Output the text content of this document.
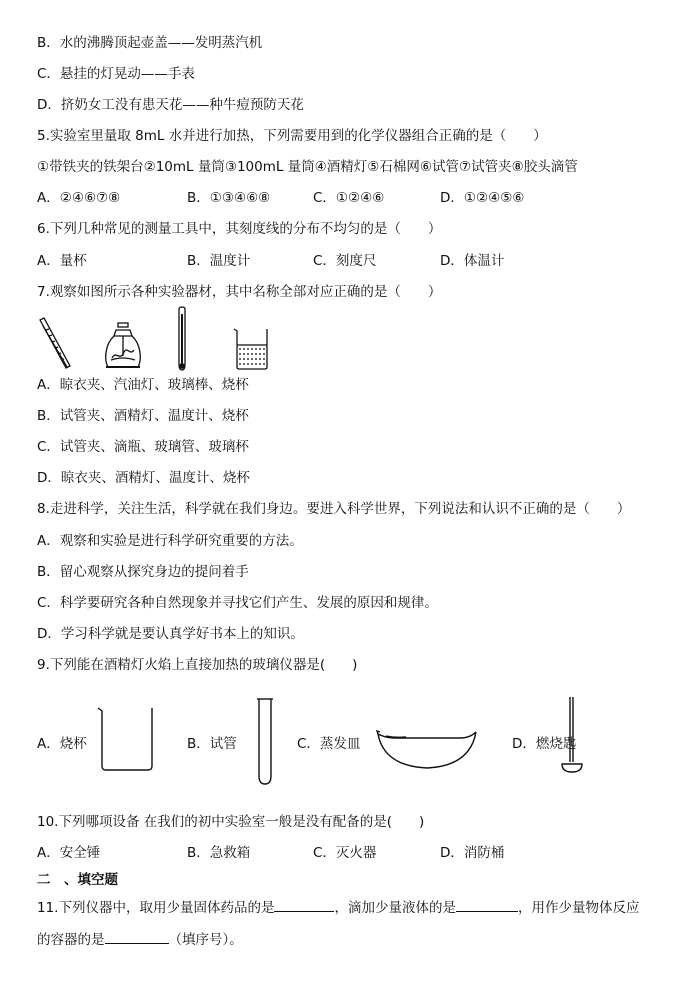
B．水的沸腾顶起壶盖——发明蒸汽机
C．悬挂的灯晃动——手表
D．挤奶女工没有患天花——种牛痘预防天花
5.实验室里量取 8mL 水并进行加热，下列需要用到的化学仪器组合正确的是（　　）
①带铁夹的铁架台②10mL 量筒③100mL 量筒④酒精灯⑤石棉网⑥试管⑦试管夹⑧胶头滴管
A．②④⑥⑦⑧	B．①③④⑥⑧	C．①②④⑥	D．①②④⑤⑥
6.下列几种常见的测量工具中，其刻度线的分布不均匀的是（　　）
A．量杯	B．温度计	C．刻度尺	D．体温计
7.观察如图所示各种实验器材，其中名称全部对应正确的是（　　）
A．晾衣夹、汽油灯、玻璃棒、烧杯
B．试管夹、酒精灯、温度计、烧杯
C．试管夹、滴瓶、玻璃管、玻璃杯
D．晾衣夹、酒精灯、温度计、烧杯
8.走进科学，关注生活，科学就在我们身边。要进入科学世界，下列说法和认识不正确的是（　　）
A．观察和实验是进行科学研究重要的方法。
B．留心观察从探究身边的提问着手
C．科学要研究各种自然现象并寻找它们产生、发展的原因和规律。
D．学习科学就是要认真学好书本上的知识。
9.下列能在酒精灯火焰上直接加热的玻璃仪器是(　　)
A．烧杯	B．试管	C．蒸发皿	D．燃烧匙
10.下列哪项设备 在我们的初中实验室一般是没有配备的是(　　)
A．安全锤	B．急救箱	C．灭火器	D．消防桶
二　、填空题
11.下列仪器中，取用少量固体药品的是	，滴加少量液体的是	，用作少量物体反应
的容器的是	（填序号）。
